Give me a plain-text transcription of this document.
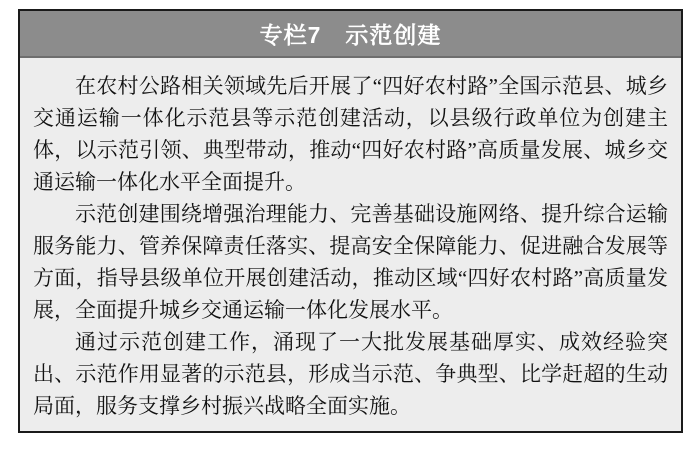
专栏7　示范创建

在农村公路相关领域先后开展了“四好农村路”全国示范县、城乡交通运输一体化示范县等示范创建活动，以县级行政单位为创建主体，以示范引领、典型带动，推动“四好农村路”高质量发展、城乡交通运输一体化水平全面提升。

示范创建围绕增强治理能力、完善基础设施网络、提升综合运输服务能力、管养保障责任落实、提高安全保障能力、促进融合发展等方面，指导县级单位开展创建活动，推动区域“四好农村路”高质量发展，全面提升城乡交通运输一体化发展水平。

通过示范创建工作，涌现了一大批发展基础厚实、成效经验突出、示范作用显著的示范县，形成当示范、争典型、比学赶超的生动局面，服务支撑乡村振兴战略全面实施。
